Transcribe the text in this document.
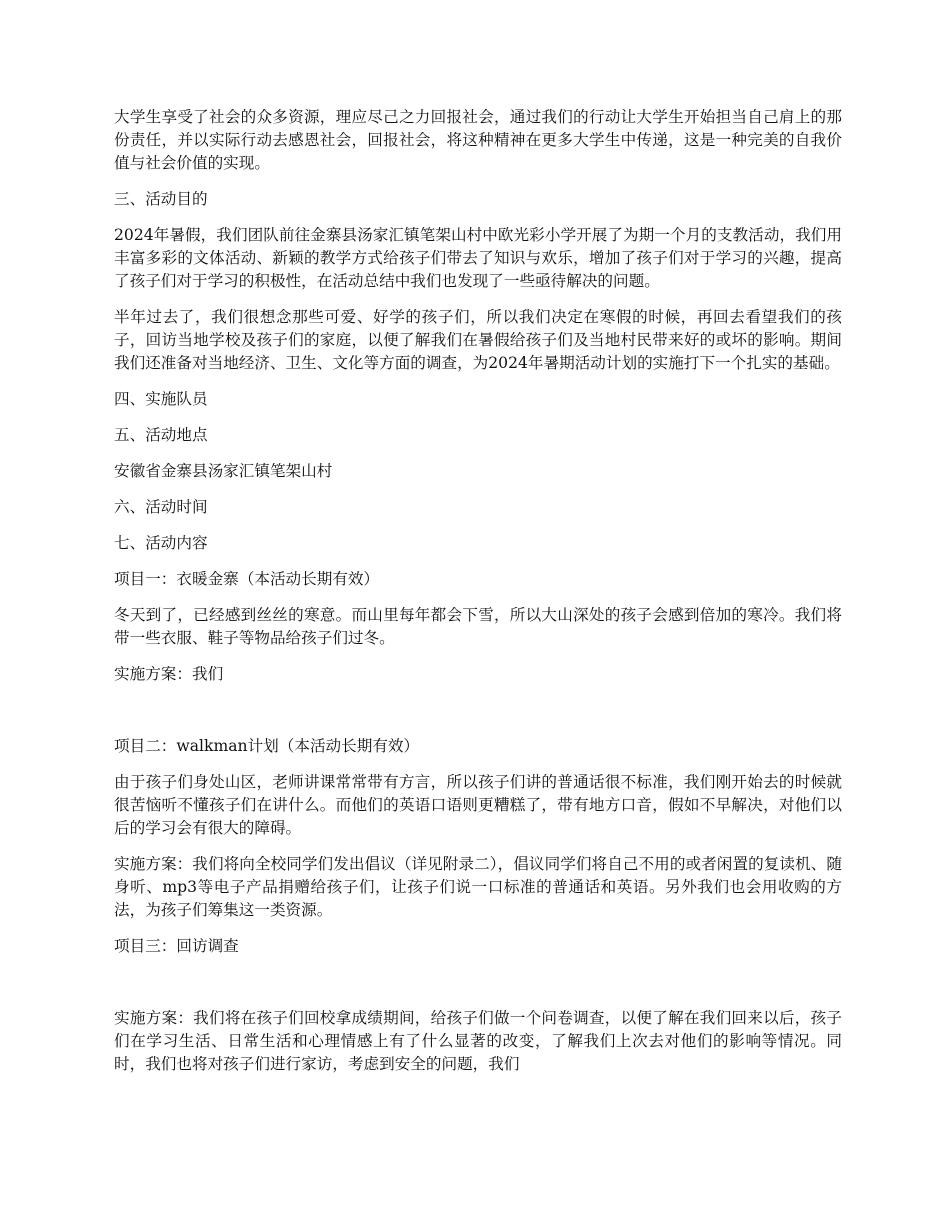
大学生享受了社会的众多资源，理应尽己之力回报社会，通过我们的行动让大学生开始担当自己肩上的那份责任，并以实际行动去感恩社会，回报社会，将这种精神在更多大学生中传递，这是一种完美的自我价值与社会价值的实现。

三、活动目的

2024年暑假，我们团队前往金寨县汤家汇镇笔架山村中欧光彩小学开展了为期一个月的支教活动，我们用丰富多彩的文体活动、新颖的教学方式给孩子们带去了知识与欢乐，增加了孩子们对于学习的兴趣，提高了孩子们对于学习的积极性，在活动总结中我们也发现了一些亟待解决的问题。

半年过去了，我们很想念那些可爱、好学的孩子们，所以我们决定在寒假的时候，再回去看望我们的孩子，回访当地学校及孩子们的家庭，以便了解我们在暑假给孩子们及当地村民带来好的或坏的影响。期间我们还准备对当地经济、卫生、文化等方面的调查，为2024年暑期活动计划的实施打下一个扎实的基础。

四、实施队员

五、活动地点

安徽省金寨县汤家汇镇笔架山村

六、活动时间

七、活动内容

项目一：衣暖金寨（本活动长期有效）

冬天到了，已经感到丝丝的寒意。而山里每年都会下雪，所以大山深处的孩子会感到倍加的寒冷。我们将带一些衣服、鞋子等物品给孩子们过冬。

实施方案：我们

项目二：walkman计划（本活动长期有效）

由于孩子们身处山区，老师讲课常常带有方言，所以孩子们讲的普通话很不标准，我们刚开始去的时候就很苦恼听不懂孩子们在讲什么。而他们的英语口语则更糟糕了，带有地方口音，假如不早解决，对他们以后的学习会有很大的障碍。

实施方案：我们将向全校同学们发出倡议（详见附录二），倡议同学们将自己不用的或者闲置的复读机、随身听、mp3等电子产品捐赠给孩子们，让孩子们说一口标准的普通话和英语。另外我们也会用收购的方法，为孩子们筹集这一类资源。

项目三：回访调查

实施方案：我们将在孩子们回校拿成绩期间，给孩子们做一个问卷调查，以便了解在我们回来以后，孩子们在学习生活、日常生活和心理情感上有了什么显著的改变，了解我们上次去对他们的影响等情况。同时，我们也将对孩子们进行家访，考虑到安全的问题，我们
